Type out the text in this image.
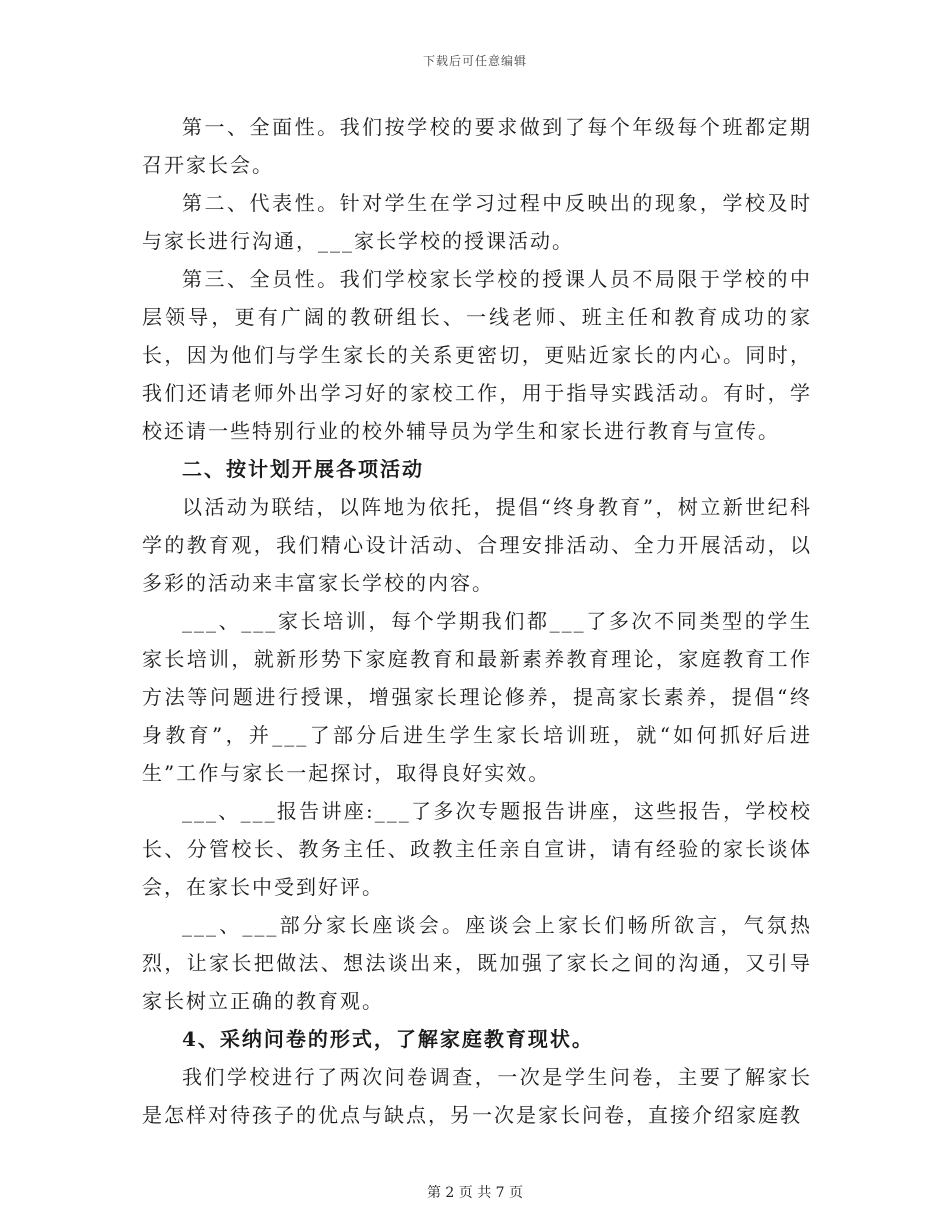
下载后可任意编辑

第一、全面性。我们按学校的要求做到了每个年级每个班都定期召开家长会。

第二、代表性。针对学生在学习过程中反映出的现象，学校及时与家长进行沟通，___家长学校的授课活动。

第三、全员性。我们学校家长学校的授课人员不局限于学校的中层领导，更有广阔的教研组长、一线老师、班主任和教育成功的家长，因为他们与学生家长的关系更密切，更贴近家长的内心。同时，我们还请老师外出学习好的家校工作，用于指导实践活动。有时，学校还请一些特别行业的校外辅导员为学生和家长进行教育与宣传。

二、按计划开展各项活动

以活动为联结，以阵地为依托，提倡“终身教育”，树立新世纪科学的教育观，我们精心设计活动、合理安排活动、全力开展活动，以多彩的活动来丰富家长学校的内容。

___、___家长培训，每个学期我们都___了多次不同类型的学生家长培训，就新形势下家庭教育和最新素养教育理论，家庭教育工作方法等问题进行授课，增强家长理论修养，提高家长素养，提倡“终身教育”，并___了部分后进生学生家长培训班，就“如何抓好后进生”工作与家长一起探讨，取得良好实效。

___、___报告讲座:___了多次专题报告讲座，这些报告，学校校长、分管校长、教务主任、政教主任亲自宣讲，请有经验的家长谈体会，在家长中受到好评。

___、___部分家长座谈会。座谈会上家长们畅所欲言，气氛热烈，让家长把做法、想法谈出来，既加强了家长之间的沟通，又引导家长树立正确的教育观。

4、采纳问卷的形式，了解家庭教育现状。

我们学校进行了两次问卷调查，一次是学生问卷，主要了解家长是怎样对待孩子的优点与缺点，另一次是家长问卷，直接介绍家庭教

第 2 页 共 7 页
